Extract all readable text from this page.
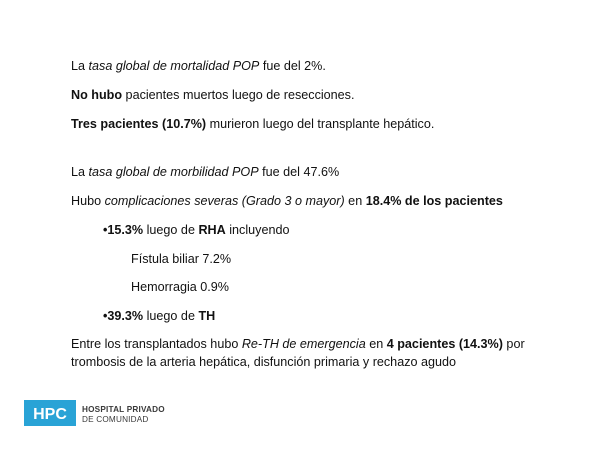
La tasa global de mortalidad POP fue del 2%.
No hubo pacientes muertos luego de resecciones.
Tres pacientes (10.7%) murieron luego del transplante hepático.
La tasa global de morbilidad POP fue del 47.6%
Hubo complicaciones severas (Grado 3 o mayor) en 18.4% de los pacientes
•15.3% luego de RHA incluyendo
Fístula biliar 7.2%
Hemorragia 0.9%
•39.3% luego de TH
Entre los transplantados hubo Re-TH de emergencia en 4 pacientes (14.3%) por
trombosis de la arteria hepática, disfunción primaria y rechazo agudo
HPC HOSPITAL PRIVADO
DE COMUNIDAD
